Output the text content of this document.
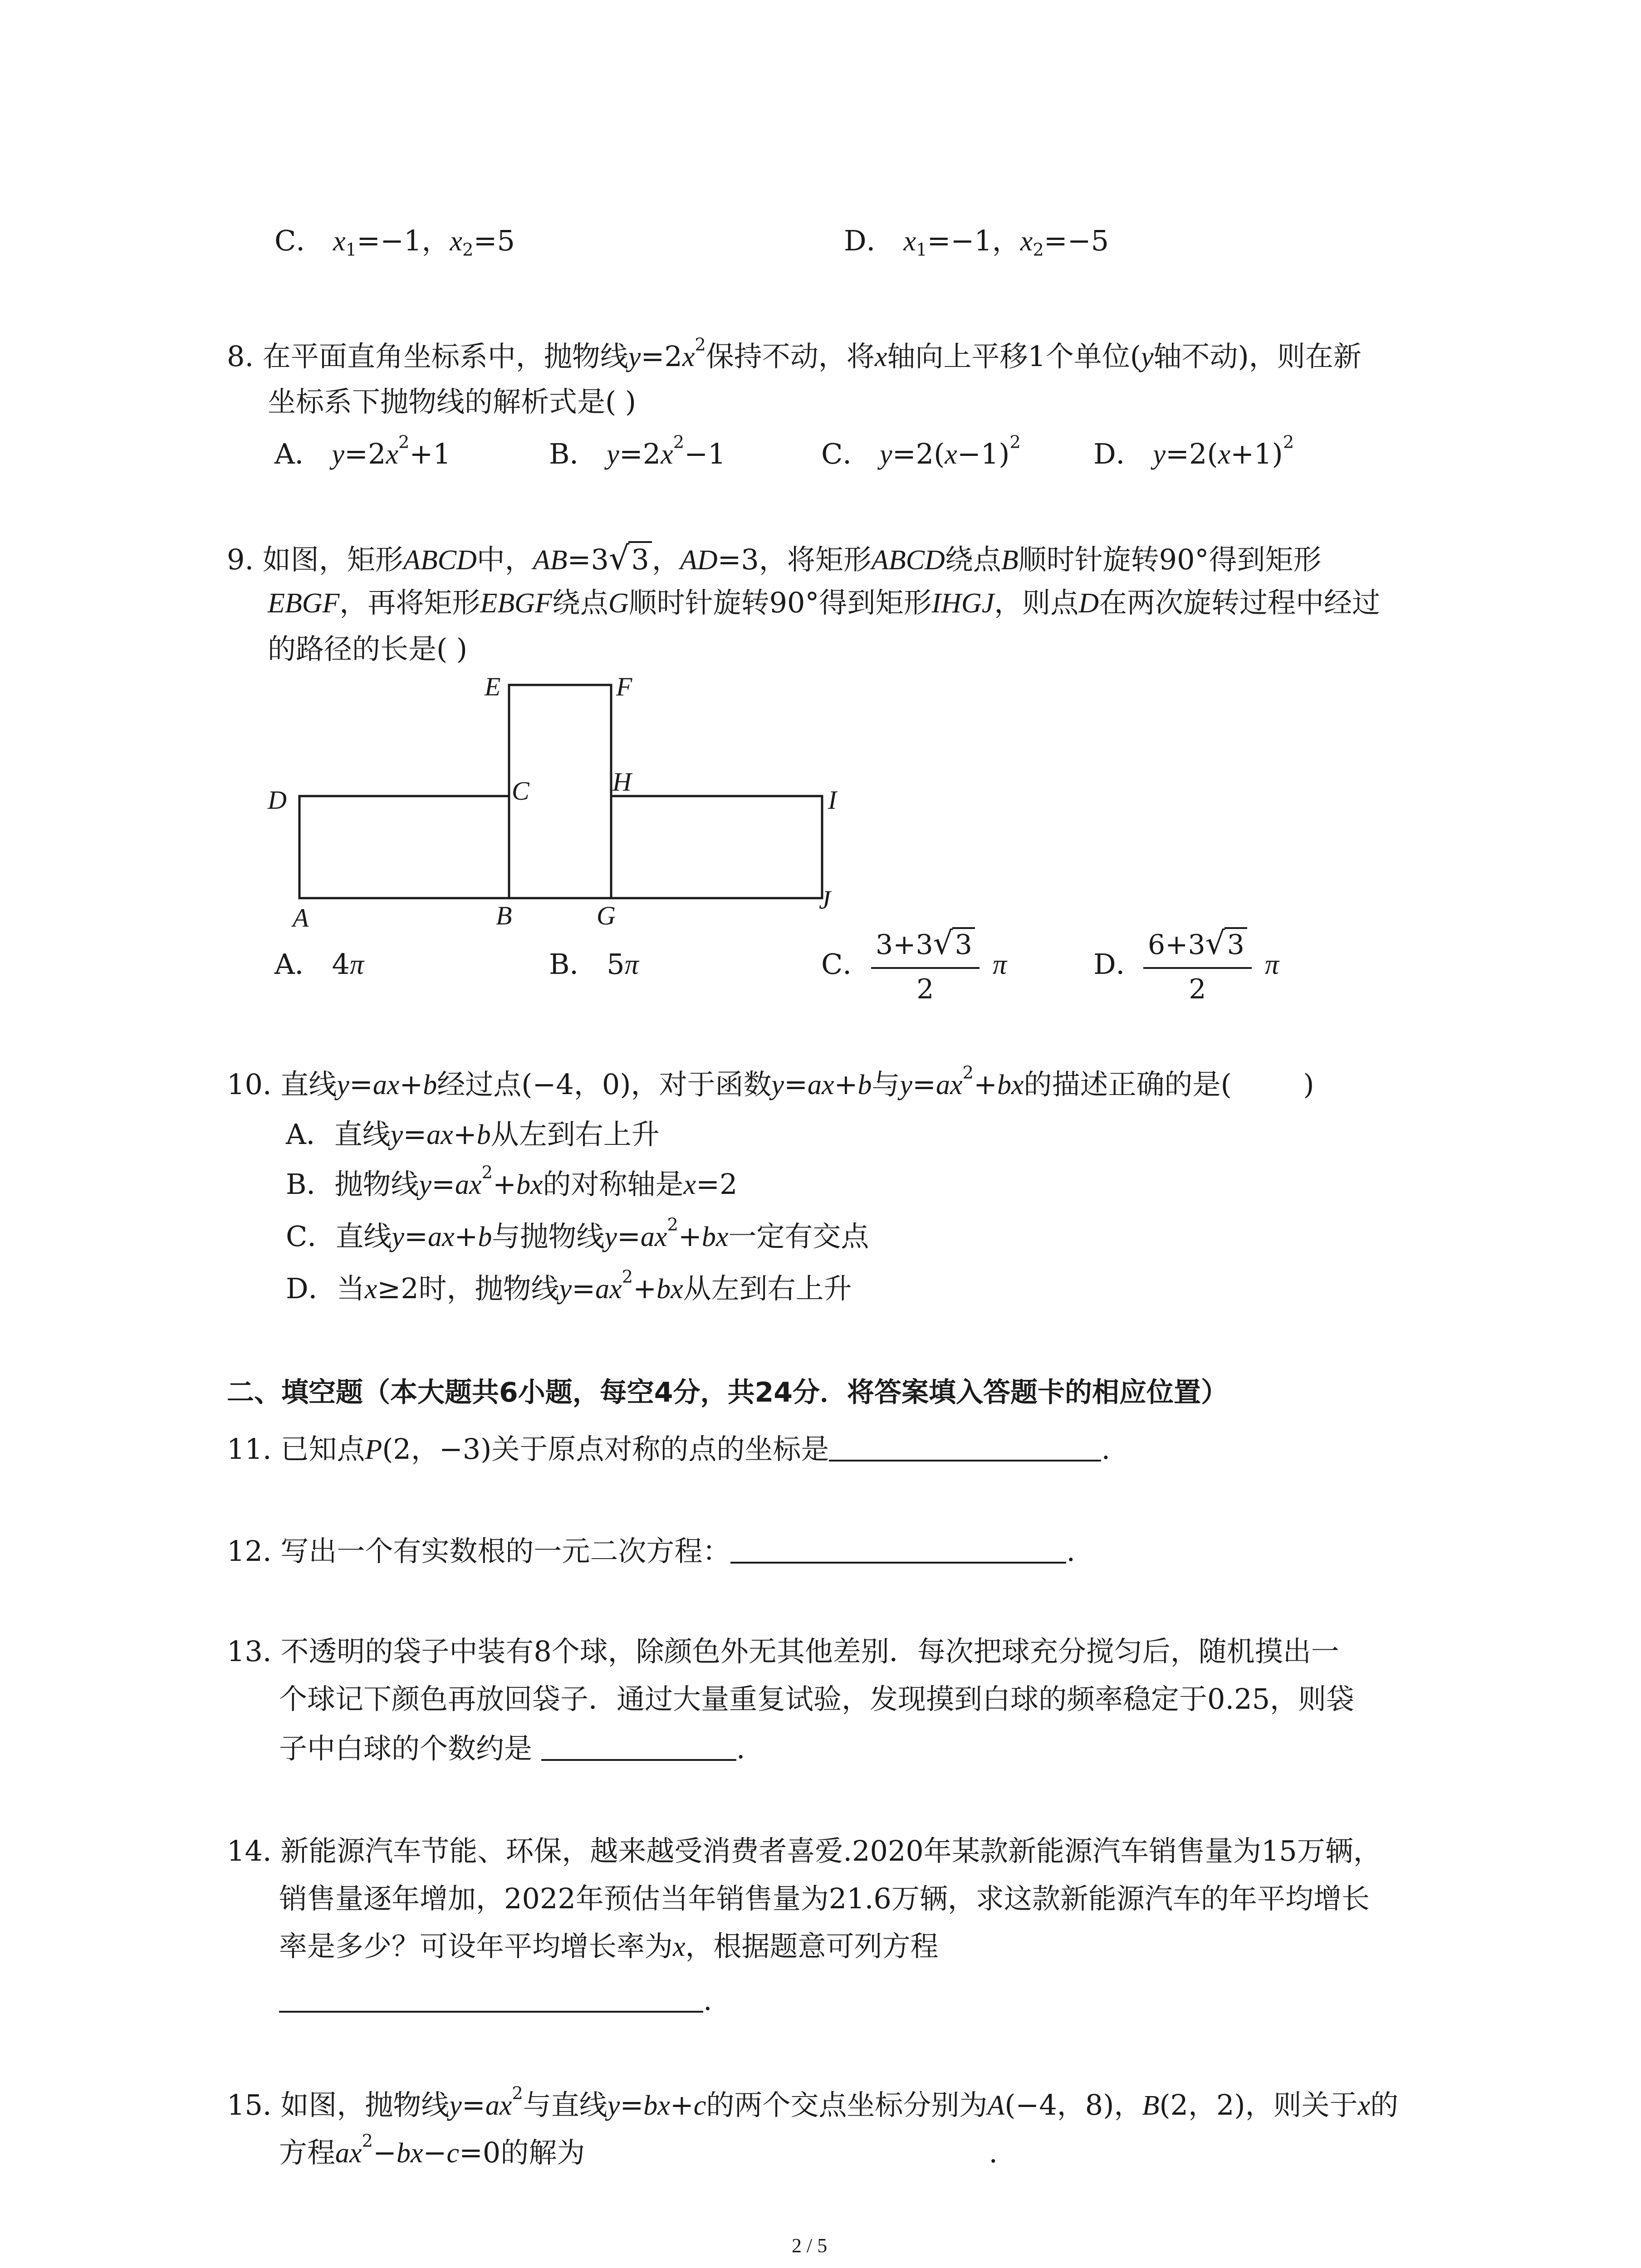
C． $x_1=-1$，$x_2=5$	D． $x_1=-1$，$x_2=-5$
8. 在平面直角坐标系中，抛物线$y=2x^2$保持不动，将x轴向上平移1个单位(y轴不动)，则在新
坐标系下抛物线的解析式是( )
A． $y=2x^2+1$	B． $y=2x^2-1$	C． $y=2(x-1)^2$	D． $y=2(x+1)^2$
9. 如图，矩形ABCD中，AB=3√3，AD=3，将矩形ABCD绕点B顺时针旋转90°得到矩形
EBGF，再将矩形EBGF绕点G顺时针旋转90°得到矩形IHGJ，则点D在两次旋转过程中经过
的路径的长是( )
E	F
D	C	H
I
A	B	G
J
A． 4π	B． 5π	C． $\frac{3+3√3}{2}$ π	D．
$\frac{6+3√3}{2}$ π
10. 直线y=ax+b经过点(−4，0)，对于函数y=ax+b与$y=ax^2+bx$的描述正确的是(        )
A．直线y=ax+b从左到右上升
B．抛物线$y=ax^2+bx$的对称轴是x=2
C．直线y=ax+b与抛物线$y=ax^2+bx$一定有交点
D．当x≥2时，抛物线$y=ax^2+bx$从左到右上升
二、填空题（本大题共6小题，每空4分，共24分．将答案填入答题卡的相应位置）
11. 已知点P(2，−3)关于原点对称的点的坐标是	.
12. 写出一个有实数根的一元二次方程：	.
13. 不透明的袋子中装有8个球，除颜色外无其他差别．每次把球充分搅匀后，随机摸出一
个球记下颜色再放回袋子．通过大量重复试验，发现摸到白球的频率稳定于0.25，则袋
子中白球的个数约是	.
14. 新能源汽车节能、环保，越来越受消费者喜爱.2020年某款新能源汽车销售量为15万辆，
销售量逐年增加，2022年预估当年销售量为21.6万辆，求这款新能源汽车的年平均增长
率是多少？可设年平均增长率为x，根据题意可列方程
.
15. 如图，抛物线$y=ax^2$与直线y=bx+c的两个交点坐标分别为A(−4，8)，B(2，2)，则关于x的
方程$ax^2-bx-c=0$的解为	.
2 / 5
